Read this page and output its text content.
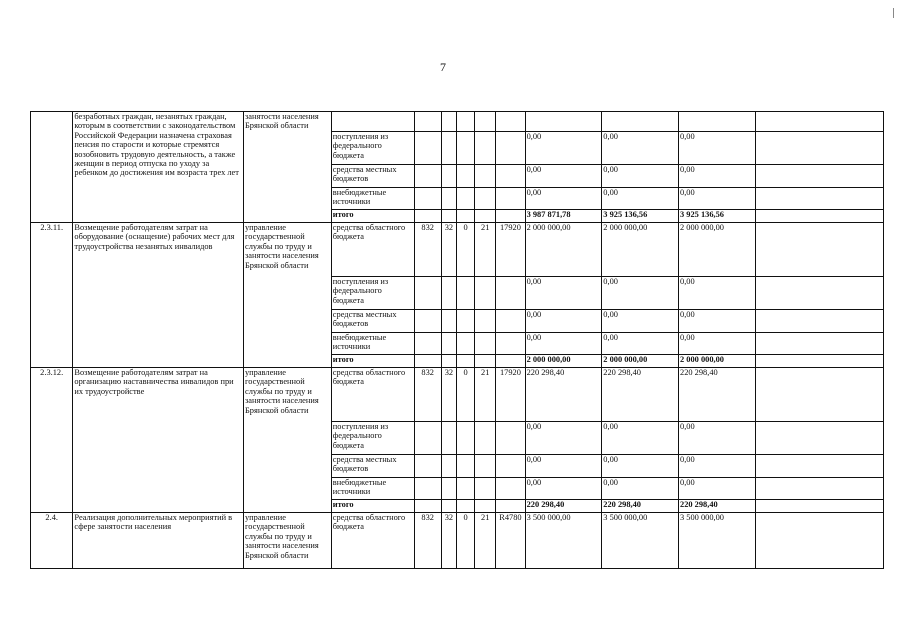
7
	безработных граждан, незанятых граждан, которым в соответствии с законодательством Российской Федерации назначена страховая пенсия по старости и которые стремятся возобновить трудовую деятельность, а также женщин в период отпуска по уходу за ребенком до достижения им возраста трех лет	занятости населения Брянской области										
			поступления из федерального бюджета						0,00	0,00	0,00	
			средства местных бюджетов						0,00	0,00	0,00	
			внебюджетные источники						0,00	0,00	0,00	
			итого						3 987 871,78	3 925 136,56	3 925 136,56	
2.3.11.	Возмещение работодателям затрат на оборудование (оснащение) рабочих мест для трудоустройства незанятых инвалидов	управление государственной службы по труду и занятости населения Брянской области	средства областного бюджета	832	32	0	21	17920	2 000 000,00	2 000 000,00	2 000 000,00	
			поступления из федерального бюджета						0,00	0,00	0,00	
			средства местных бюджетов						0,00	0,00	0,00	
			внебюджетные источники						0,00	0,00	0,00	
			итого						2 000 000,00	2 000 000,00	2 000 000,00	
2.3.12.	Возмещение работодателям затрат на организацию наставничества инвалидов при их трудоустройстве	управление государственной службы по труду и занятости населения Брянской области	средства областного бюджета	832	32	0	21	17920	220 298,40	220 298,40	220 298,40	
			поступления из федерального бюджета						0,00	0,00	0,00	
			средства местных бюджетов						0,00	0,00	0,00	
			внебюджетные источники						0,00	0,00	0,00	
			итого						220 298,40	220 298,40	220 298,40	
2.4.	Реализация дополнительных мероприятий в сфере занятости населения	управление государственной службы по труду и занятости населения Брянской области	средства областного бюджета	832	32	0	21	R4780	3 500 000,00	3 500 000,00	3 500 000,00	
